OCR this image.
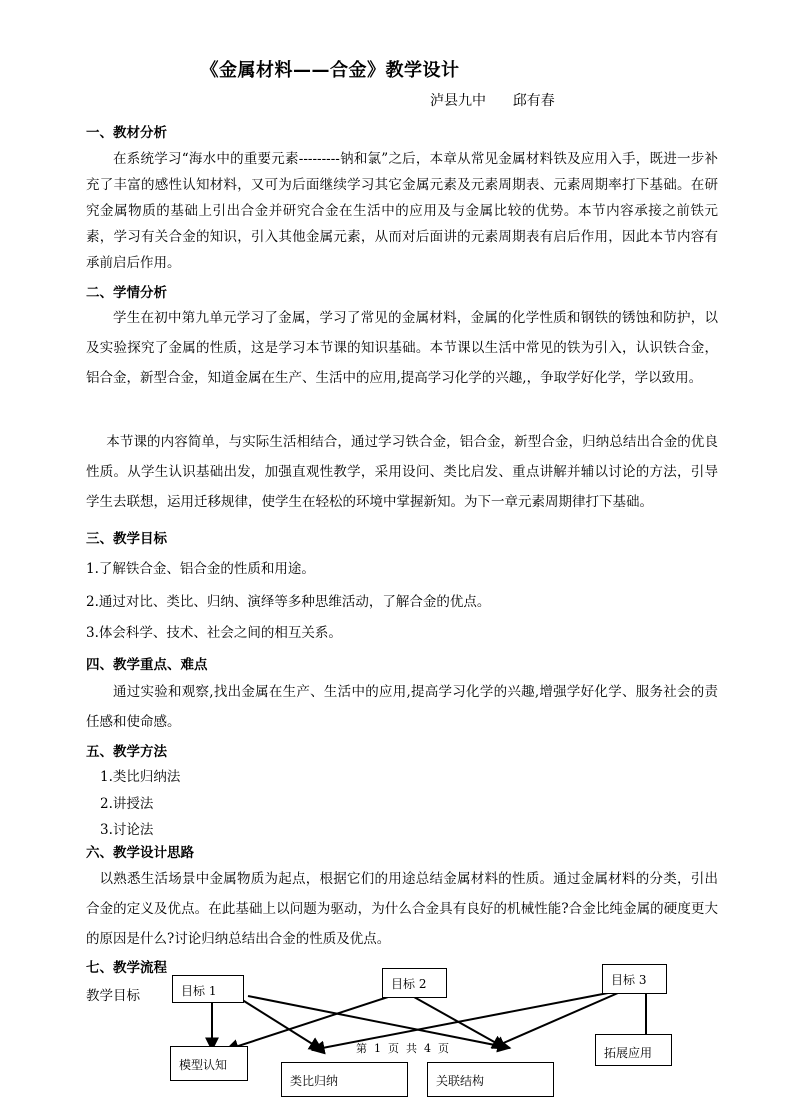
《金属材料——合金》教学设计
泸县九中      邱有春
一、教材分析
在系统学习“海水中的重要元素---------钠和氯”之后，本章从常见金属材料铁及应用入手，既进一步补充了丰富的感性认知材料，又可为后面继续学习其它金属元素及元素周期表、元素周期率打下基础。在研究金属物质的基础上引出合金并研究合金在生活中的应用及与金属比较的优势。本节内容承接之前铁元素，学习有关合金的知识，引入其他金属元素，从而对后面讲的元素周期表有启后作用，因此本节内容有承前启后作用。
二、学情分析
学生在初中第九单元学习了金属，学习了常见的金属材料，金属的化学性质和钢铁的锈蚀和防护，以及实验探究了金属的性质，这是学习本节课的知识基础。本节课以生活中常见的铁为引入，认识铁合金，铝合金，新型合金，知道金属在生产、生活中的应用,提高学习化学的兴趣,，争取学好化学，学以致用。
本节课的内容简单，与实际生活相结合，通过学习铁合金，铝合金，新型合金，归纳总结出合金的优良性质。从学生认识基础出发，加强直观性教学，采用设问、类比启发、重点讲解并辅以讨论的方法，引导学生去联想，运用迁移规律，使学生在轻松的环境中掌握新知。为下一章元素周期律打下基础。
三、教学目标
1.了解铁合金、铝合金的性质和用途。
2.通过对比、类比、归纳、演绎等多种思维活动，了解合金的优点。
3.体会科学、技术、社会之间的相互关系。
四、教学重点、难点
通过实验和观察,找出金属在生产、生活中的应用,提高学习化学的兴趣,增强学好化学、服务社会的责任感和使命感。
五、教学方法
1.类比归纳法
2.讲授法
3.讨论法
六、教学设计思路
以熟悉生活场景中金属物质为起点，根据它们的用途总结金属材料的性质。通过金属材料的分类，引出合金的定义及优点。在此基础上以问题为驱动，为什么合金具有良好的机械性能?合金比纯金属的硬度更大的原因是什么?讨论归纳总结出合金的性质及优点。
七、教学流程
教学目标	目标 1	目标 2	目标 3
模型认知
类比归纳	关联结构
拓展应用
第  1  页  共  4  页
